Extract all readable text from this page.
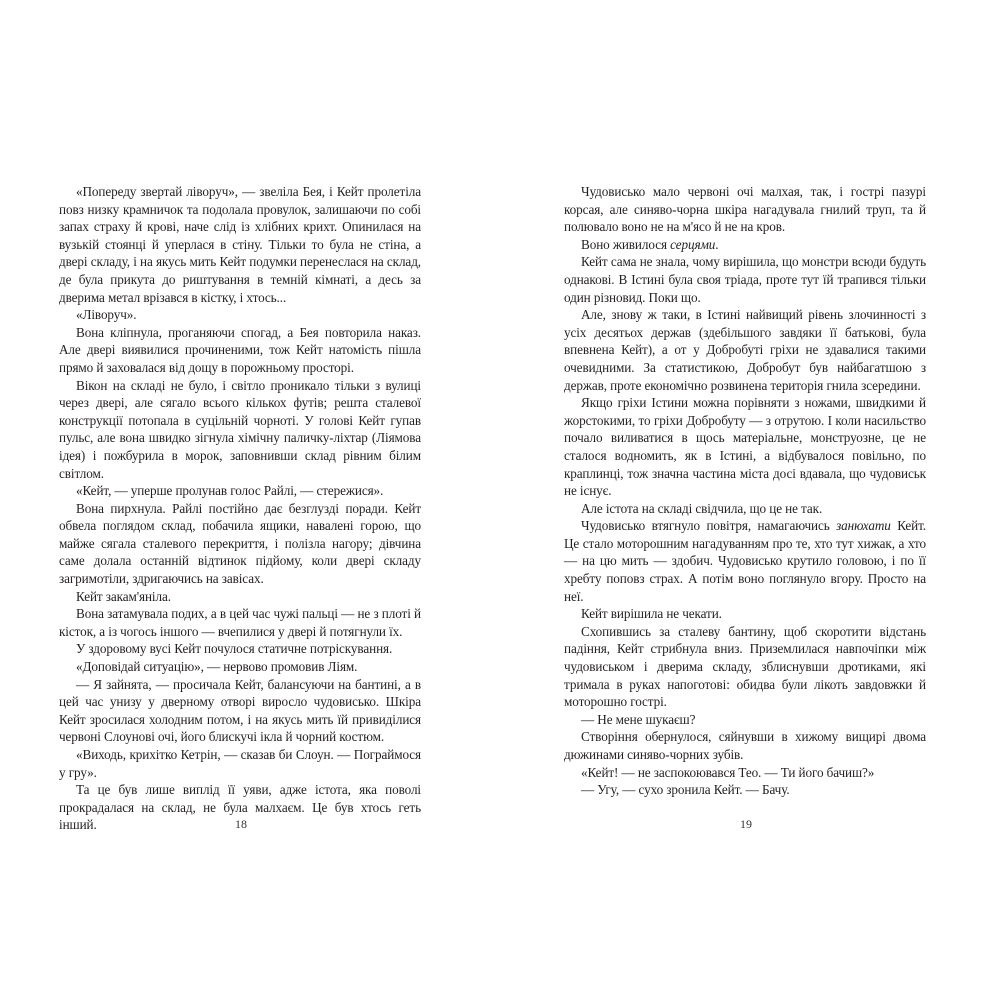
«Попереду звертай ліворуч», — звеліла Бея, і Кейт пролетіла повз низку крамничок та подолала провулок, залишаючи по собі запах страху й крові, наче слід із хлібних крихт. Опинилася на вузькій стоянці й уперлася в стіну. Тільки то була не стіна, а двері складу, і на якусь мить Кейт подумки перенеслася на склад, де була прикута до риштування в темній кімнаті, а десь за дверима метал врізався в кістку, і хтось...

«Ліворуч».

Вона кліпнула, проганяючи спогад, а Бея повторила наказ. Але двері виявилися прочиненими, тож Кейт натомість пішла прямо й заховалася від дощу в порожньому просторі.

Вікон на складі не було, і світло проникало тільки з вулиці через двері, але сягало всього кількох футів; решта сталевої конструкції потопала в суцільній чорноті. У голові Кейт гупав пульс, але вона швидко зігнула хімічну паличку-ліхтар (Ліямова ідея) і пожбурила в морок, заповнивши склад рівним білим світлом.

«Кейт, — уперше пролунав голос Райлі, — стережися».

Вона пирхнула. Райлі постійно дає безглузді поради. Кейт обвела поглядом склад, побачила ящики, навалені горою, що майже сягала сталевого перекриття, і полізла нагору; дівчина саме долала останній відтинок підйому, коли двері складу загримотіли, здригаючись на завісах.

Кейт закам'яніла.

Вона затамувала подих, а в цей час чужі пальці — не з плоті й кісток, а із чогось іншого — вчепилися у двері й потягнули їх.

У здоровому вусі Кейт почулося статичне потріскування.

«Доповідай ситуацію», — нервово промовив Ліям.

— Я зайнята, — просичала Кейт, балансуючи на бантині, а в цей час унизу у дверному отворі виросло чудовисько. Шкіра Кейт зросилася холодним потом, і на якусь мить їй привиділися червоні Слоунові очі, його блискучі ікла й чорний костюм.

«Виходь, крихітко Кетрін, — сказав би Слоун. — Пограймося у гру».

Та це був лише виплід її уяви, адже істота, яка поволі прокрадалася на склад, не була малхаєм. Це був хтось геть інший.	18

Чудовисько мало червоні очі малхая, так, і гострі пазурі корсая, але синяво-чорна шкіра нагадувала гнилий труп, та й полювало воно не на м'ясо й не на кров.

Воно живилося серцями.

Кейт сама не знала, чому вирішила, що монстри всюди будуть однакові. В Істині була своя тріада, проте тут їй трапився тільки один різновид. Поки що.

Але, знову ж таки, в Істині найвищий рівень злочинності з усіх десятьох держав (здебільшого завдяки її батькові, була впевнена Кейт), а от у Добробуті гріхи не здавалися такими очевидними. За статистикою, Добробут був найбагатшою з держав, проте економічно розвинена територія гнила зсередини.

Якщо гріхи Істини можна порівняти з ножами, швидкими й жорстокими, то гріхи Добробуту — з отрутою. І коли насильство почало виливатися в щось матеріальне, монструозне, це не сталося водномить, як в Істині, а відбувалося повільно, по краплинці, тож значна частина міста досі вдавала, що чудовиськ не існує.

Але істота на складі свідчила, що це не так.

Чудовисько втягнуло повітря, намагаючись занюхати Кейт. Це стало моторошним нагадуванням про те, хто тут хижак, а хто — на цю мить — здобич. Чудовисько крутило головою, і по її хребту поповз страх. А потім воно поглянуло вгору. Просто на неї.

Кейт вирішила не чекати.

Схопившись за сталеву бантину, щоб скоротити відстань падіння, Кейт стрибнула вниз. Приземлилася навпочіпки між чудовиськом і дверима складу, зблиснувши дротиками, які тримала в руках напоготові: обидва були лікоть завдовжки й моторошно гострі.

— Не мене шукаєш?

Створіння обернулося, сяйнувши в хижому вищирі двома дюжинами синяво-чорних зубів.

«Кейт! — не заспокоювався Тео. — Ти його бачиш?»

— Угу, — сухо зронила Кейт. — Бачу.

19
